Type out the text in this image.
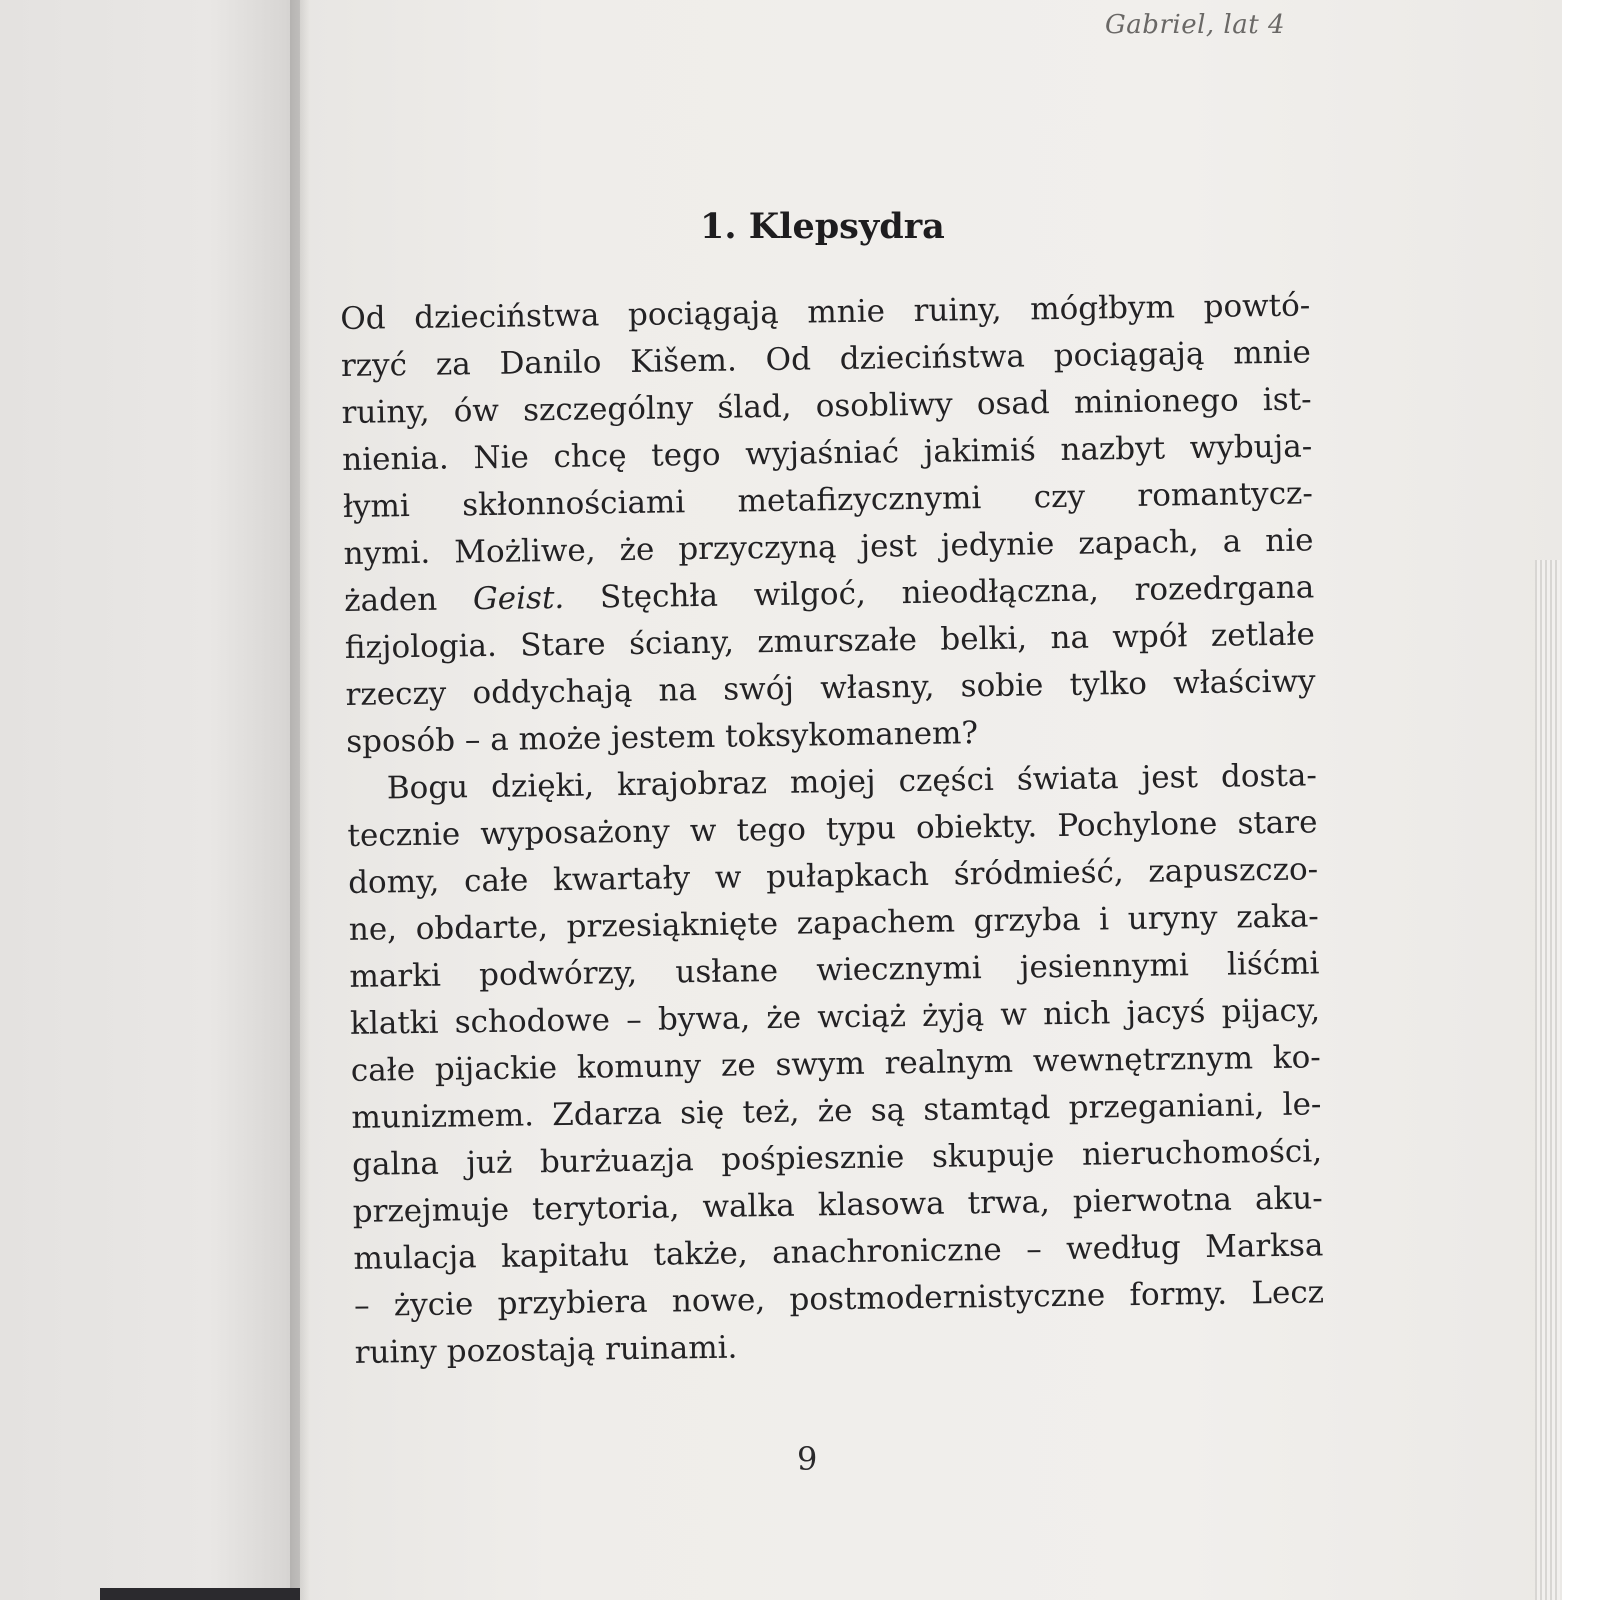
Gabriel, lat 4
1. Klepsydra
Od dzieciństwa pociągają mnie ruiny, mógłbym powtó-
rzyć za Danilo Kišem. Od dzieciństwa pociągają mnie
ruiny, ów szczególny ślad, osobliwy osad minionego ist-
nienia. Nie chcę tego wyjaśniać jakimiś nazbyt wybuja-
łymi skłonnościami metafizycznymi czy romantycz-
nymi. Możliwe, że przyczyną jest jedynie zapach, a nie
żaden Geist. Stęchła wilgoć, nieodłączna, rozedrgana
fizjologia. Stare ściany, zmurszałe belki, na wpół zetlałe
rzeczy oddychają na swój własny, sobie tylko właściwy
sposób – a może jestem toksykomanem?
Bogu dzięki, krajobraz mojej części świata jest dosta-
tecznie wyposażony w tego typu obiekty. Pochylone stare
domy, całe kwartały w pułapkach śródmieść, zapuszczo-
ne, obdarte, przesiąknięte zapachem grzyba i uryny zaka-
marki podwórzy, usłane wiecznymi jesiennymi liśćmi
klatki schodowe – bywa, że wciąż żyją w nich jacyś pijacy,
całe pijackie komuny ze swym realnym wewnętrznym ko-
munizmem. Zdarza się też, że są stamtąd przeganiani, le-
galna już burżuazja pośpiesznie skupuje nieruchomości,
przejmuje terytoria, walka klasowa trwa, pierwotna aku-
mulacja kapitału także, anachroniczne – według Marksa
– życie przybiera nowe, postmodernistyczne formy. Lecz
ruiny pozostają ruinami.
9
